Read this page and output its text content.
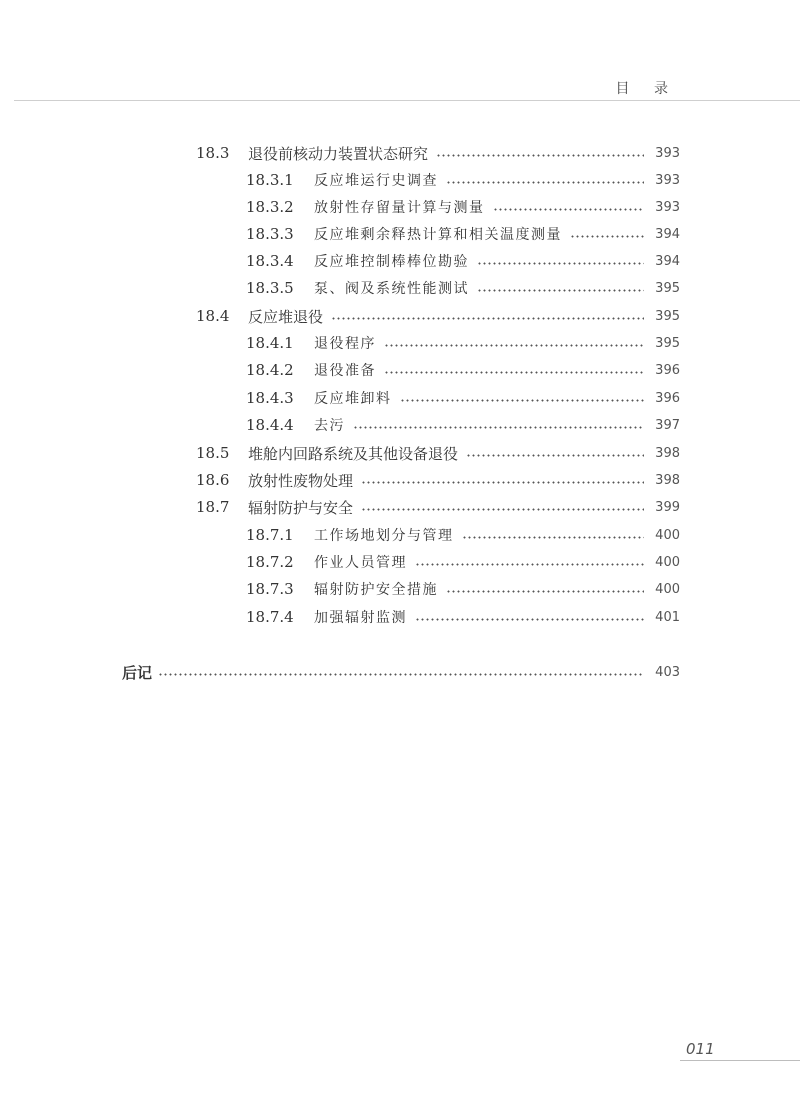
目 录
18.3	退役前核动力装置状态研究	393
18.3.1	反应堆运行史调查	393
18.3.2	放射性存留量计算与测量	393
18.3.3	反应堆剩余释热计算和相关温度测量	394
18.3.4	反应堆控制棒棒位勘验	394
18.3.5	泵、阀及系统性能测试	395
18.4	反应堆退役	395
18.4.1	退役程序	395
18.4.2	退役准备	396
18.4.3	反应堆卸料	396
18.4.4	去污	397
18.5	堆舱内回路系统及其他设备退役	398
18.6	放射性废物处理	398
18.7	辐射防护与安全	399
18.7.1	工作场地划分与管理	400
18.7.2	作业人员管理	400
18.7.3	辐射防护安全措施	400
18.7.4	加强辐射监测	401
后记	403
011
